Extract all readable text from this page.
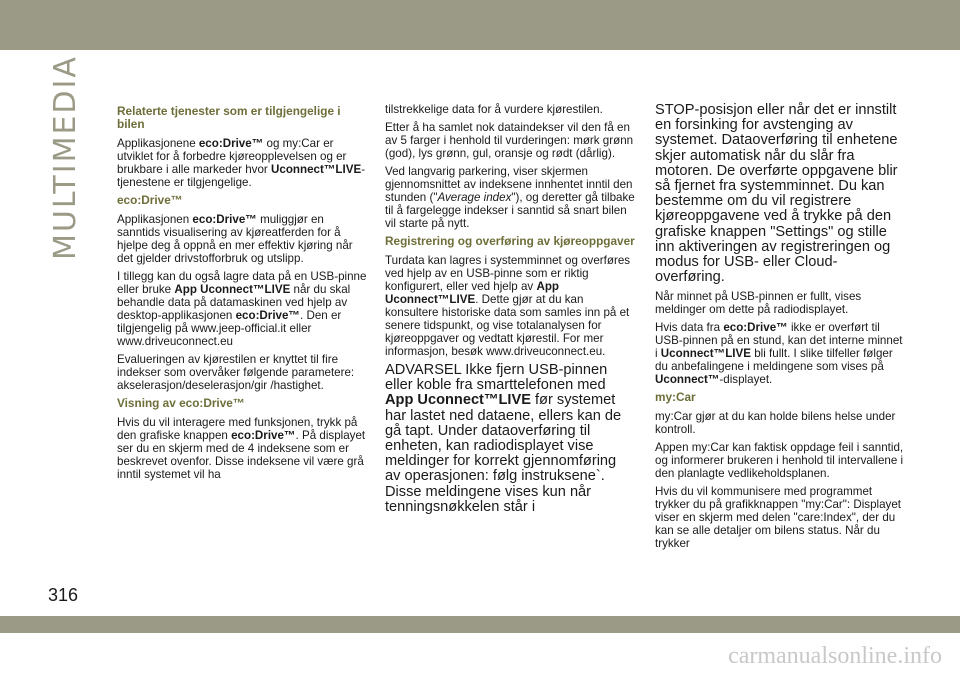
MULTIMEDIA	Relaterte tjenester som er tilgjengelige i bilen

Applikasjonene eco:Drive™ og my:Car er utviklet for å forbedre kjøreopplevelsen og er brukbare i alle markeder hvor Uconnect™LIVE-tjenestene er tilgjengelige.

eco:Drive™

Applikasjonen eco:Drive™ muliggjør en sanntids visualisering av kjøreatferden for å hjelpe deg å oppnå en mer effektiv kjøring når det gjelder drivstofforbruk og utslipp.

I tillegg kan du også lagre data på en USB-pinne eller bruke App Uconnect™LIVE når du skal behandle data på datamaskinen ved hjelp av desktop-applikasjonen eco:Drive™. Den er tilgjengelig på www.jeep-official.it eller www.driveuconnect.eu

Evalueringen av kjørestilen er knyttet til fire indekser som overvåker følgende parametere: akselerasjon/deselerasjon/gir /hastighet.

Visning av eco:Drive™

Hvis du vil interagere med funksjonen, trykk på den grafiske knappen eco:Drive™. På displayet ser du en skjerm med de 4 indeksene som er beskrevet ovenfor. Disse indeksene vil være grå inntil systemet vil ha

tilstrekkelige data for å vurdere kjørestilen.

Etter å ha samlet nok dataindekser vil den få en av 5 farger i henhold til vurderingen: mørk grønn (god), lys grønn, gul, oransje og rødt (dårlig).

Ved langvarig parkering, viser skjermen gjennomsnittet av indeksene innhentet inntil den stunden ("Average index"), og deretter gå tilbake til å fargelegge indekser i sanntid så snart bilen vil starte på nytt.

Registrering og overføring av kjøreoppgaver

Turdata kan lagres i systemminnet og overføres ved hjelp av en USB-pinne som er riktig konfigurert, eller ved hjelp av App Uconnect™LIVE. Dette gjør at du kan konsultere historiske data som samles inn på et senere tidspunkt, og vise totalanalysen for kjøreoppgaver og vedtatt kjørestil. For mer informasjon, besøk www.driveuconnect.eu.

ADVARSEL Ikke fjern USB-pinnen eller koble fra smarttelefonen med App Uconnect™LIVE før systemet har lastet ned dataene, ellers kan de gå tapt. Under dataoverføring til enheten, kan radiodisplayet vise meldinger for korrekt gjennomføring av operasjonen: følg instruksene`. Disse meldingene vises kun når tenningsnøkkelen står i

STOP-posisjon eller når det er innstilt en forsinking for avstenging av systemet. Dataoverføring til enhetene skjer automatisk når du slår fra motoren. De overførte oppgavene blir så fjernet fra systemminnet. Du kan bestemme om du vil registrere kjøreoppgavene ved å trykke på den grafiske knappen "Settings" og stille inn aktiveringen av registreringen og modus for USB- eller Cloud-overføring.

Når minnet på USB-pinnen er fullt, vises meldinger om dette på radiodisplayet.

Hvis data fra eco:Drive™ ikke er overført til USB-pinnen på en stund, kan det interne minnet i Uconnect™LIVE bli fullt. I slike tilfeller følger du anbefalingene i meldingene som vises på Uconnect™-displayet.

my:Car

my:Car gjør at du kan holde bilens helse under kontroll.

Appen my:Car kan faktisk oppdage feil i sanntid, og informerer brukeren i henhold til intervallene i den planlagte vedlikeholdsplanen.

Hvis du vil kommunisere med programmet trykker du på grafikknappen "my:Car": Displayet viser en skjerm med delen "care:Index", der du kan se alle detaljer om bilens status. Når du trykker

316
carmanualsonline.info
